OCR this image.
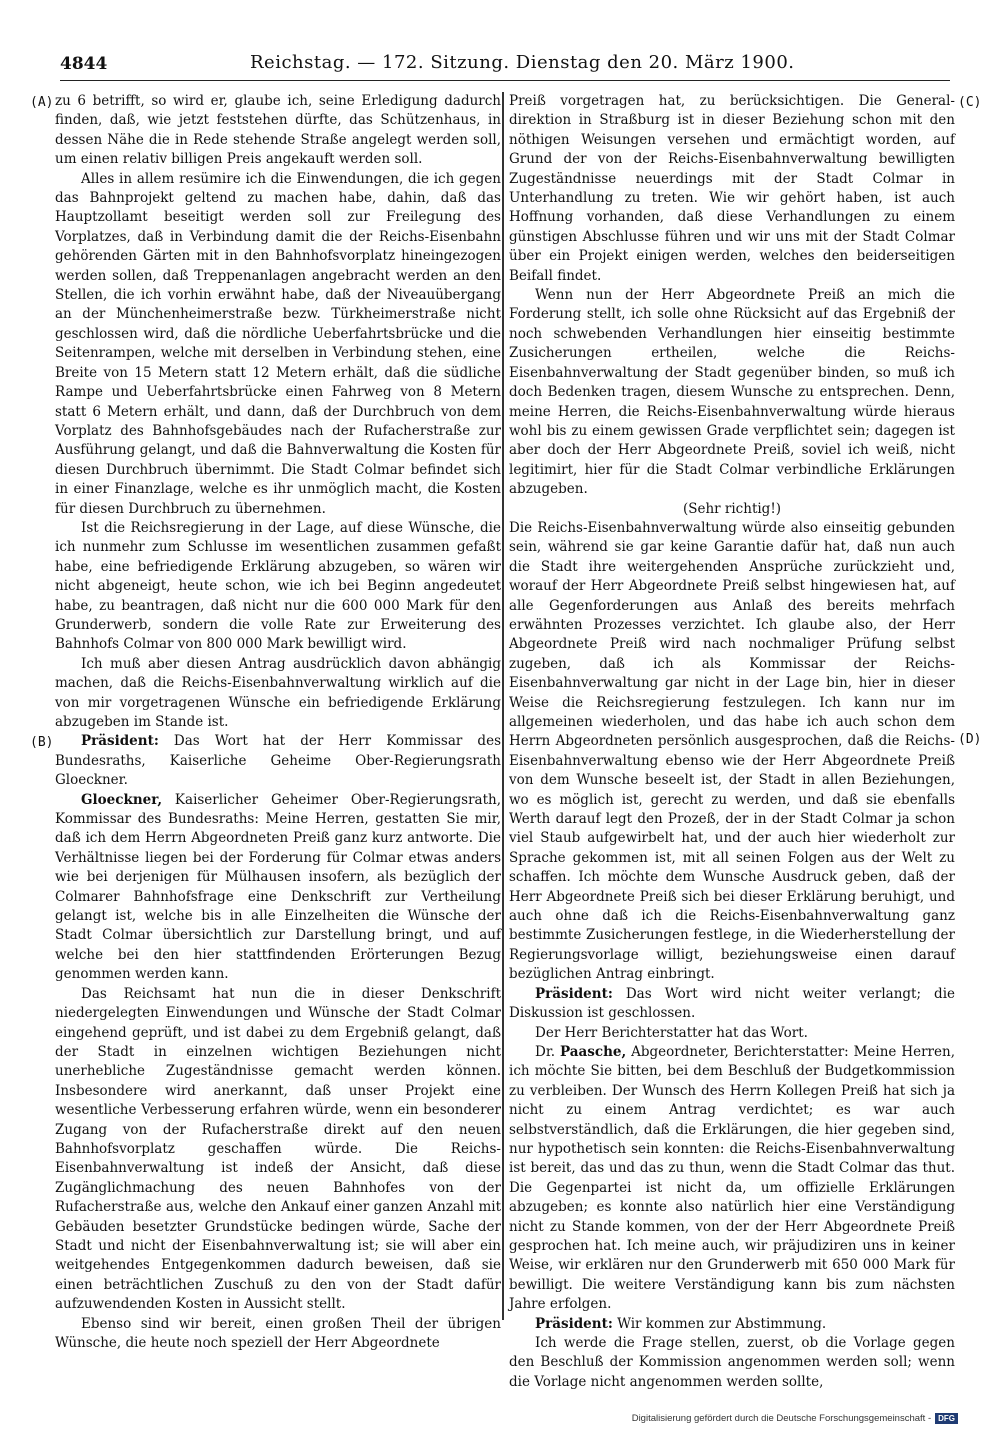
4844	Reichstag. — 172. Sitzung. Dienstag den 20. März 1900.
(A)
(B)
(C)
(D)

zu 6 betrifft, so wird er, glaube ich, seine Erledigung dadurch finden, daß, wie jetzt feststehen dürfte, das Schützenhaus, in dessen Nähe die in Rede stehende Straße angelegt werden soll, um einen relativ billigen Preis angekauft werden soll.

Alles in allem resümire ich die Einwendungen, die ich gegen das Bahnprojekt geltend zu machen habe, dahin, daß das Hauptzollamt beseitigt werden soll zur Freilegung des Vorplatzes, daß in Verbindung damit die der Reichs-Eisenbahn gehörenden Gärten mit in den Bahnhofsvorplatz hineingezogen werden sollen, daß Treppenanlagen angebracht werden an den Stellen, die ich vorhin erwähnt habe, daß der Niveauübergang an der Münchenheimerstraße bezw. Türkheimerstraße nicht geschlossen wird, daß die nördliche Ueberfahrtsbrücke und die Seitenrampen, welche mit derselben in Verbindung stehen, eine Breite von 15 Metern statt 12 Metern erhält, daß die südliche Rampe und Ueberfahrtsbrücke einen Fahrweg von 8 Metern statt 6 Metern erhält, und dann, daß der Durchbruch von dem Vorplatz des Bahnhofsgebäudes nach der Rufacherstraße zur Ausführung gelangt, und daß die Bahnverwaltung die Kosten für diesen Durchbruch übernimmt. Die Stadt Colmar befindet sich in einer Finanzlage, welche es ihr unmöglich macht, die Kosten für diesen Durchbruch zu übernehmen.

Ist die Reichsregierung in der Lage, auf diese Wünsche, die ich nunmehr zum Schlusse im wesentlichen zusammen gefaßt habe, eine befriedigende Erklärung abzugeben, so wären wir nicht abgeneigt, heute schon, wie ich bei Beginn angedeutet habe, zu beantragen, daß nicht nur die 600 000 Mark für den Grunderwerb, sondern die volle Rate zur Erweiterung des Bahnhofs Colmar von 800 000 Mark bewilligt wird.

Ich muß aber diesen Antrag ausdrücklich davon abhängig machen, daß die Reichs-Eisenbahnverwaltung wirklich auf die von mir vorgetragenen Wünsche ein befriedigende Erklärung abzugeben im Stande ist.

Präsident: Das Wort hat der Herr Kommissar des Bundesraths, Kaiserliche Geheime Ober-Regierungsrath Gloeckner.

Gloeckner, Kaiserlicher Geheimer Ober-Regierungsrath, Kommissar des Bundesraths: Meine Herren, gestatten Sie mir, daß ich dem Herrn Abgeordneten Preiß ganz kurz antworte. Die Verhältnisse liegen bei der Forderung für Colmar etwas anders wie bei derjenigen für Mülhausen insofern, als bezüglich der Colmarer Bahnhofsfrage eine Denkschrift zur Vertheilung gelangt ist, welche bis in alle Einzelheiten die Wünsche der Stadt Colmar übersichtlich zur Darstellung bringt, und auf welche bei den hier stattfindenden Erörterungen Bezug genommen werden kann.

Das Reichsamt hat nun die in dieser Denkschrift niedergelegten Einwendungen und Wünsche der Stadt Colmar eingehend geprüft, und ist dabei zu dem Ergebniß gelangt, daß der Stadt in einzelnen wichtigen Beziehungen nicht unerhebliche Zugeständnisse gemacht werden können. Insbesondere wird anerkannt, daß unser Projekt eine wesentliche Verbesserung erfahren würde, wenn ein besonderer Zugang von der Rufacherstraße direkt auf den neuen Bahnhofsvorplatz geschaffen würde. Die Reichs-Eisenbahnverwaltung ist indeß der Ansicht, daß diese Zugänglichmachung des neuen Bahnhofes von der Rufacherstraße aus, welche den Ankauf einer ganzen Anzahl mit Gebäuden besetzter Grundstücke bedingen würde, Sache der Stadt und nicht der Eisenbahnverwaltung ist; sie will aber ein weitgehendes Entgegenkommen dadurch beweisen, daß sie einen beträchtlichen Zuschuß zu den von der Stadt dafür aufzuwendenden Kosten in Aussicht stellt.

Ebenso sind wir bereit, einen großen Theil der übrigen Wünsche, die heute noch speziell der Herr Abgeordnete

Preiß vorgetragen hat, zu berücksichtigen. Die General-direktion in Straßburg ist in dieser Beziehung schon mit den nöthigen Weisungen versehen und ermächtigt worden, auf Grund der von der Reichs-Eisenbahnverwaltung bewilligten Zugeständnisse neuerdings mit der Stadt Colmar in Unterhandlung zu treten. Wie wir gehört haben, ist auch Hoffnung vorhanden, daß diese Verhandlungen zu einem günstigen Abschlusse führen und wir uns mit der Stadt Colmar über ein Projekt einigen werden, welches den beiderseitigen Beifall findet.

Wenn nun der Herr Abgeordnete Preiß an mich die Forderung stellt, ich solle ohne Rücksicht auf das Ergebniß der noch schwebenden Verhandlungen hier einseitig bestimmte Zusicherungen ertheilen, welche die Reichs-Eisenbahnverwaltung der Stadt gegenüber binden, so muß ich doch Bedenken tragen, diesem Wunsche zu entsprechen. Denn, meine Herren, die Reichs-Eisenbahnverwaltung würde hieraus wohl bis zu einem gewissen Grade verpflichtet sein; dagegen ist aber doch der Herr Abgeordnete Preiß, soviel ich weiß, nicht legitimirt, hier für die Stadt Colmar verbindliche Erklärungen abzugeben.

(Sehr richtig!)

Die Reichs-Eisenbahnverwaltung würde also einseitig gebunden sein, während sie gar keine Garantie dafür hat, daß nun auch die Stadt ihre weitergehenden Ansprüche zurückzieht und, worauf der Herr Abgeordnete Preiß selbst hingewiesen hat, auf alle Gegenforderungen aus Anlaß des bereits mehrfach erwähnten Prozesses verzichtet. Ich glaube also, der Herr Abgeordnete Preiß wird nach nochmaliger Prüfung selbst zugeben, daß ich als Kommissar der Reichs-Eisenbahnverwaltung gar nicht in der Lage bin, hier in dieser Weise die Reichsregierung festzulegen. Ich kann nur im allgemeinen wiederholen, und das habe ich auch schon dem Herrn Abgeordneten persönlich ausgesprochen, daß die Reichs-Eisenbahnverwaltung ebenso wie der Herr Abgeordnete Preiß von dem Wunsche beseelt ist, der Stadt in allen Beziehungen, wo es möglich ist, gerecht zu werden, und daß sie ebenfalls Werth darauf legt den Prozeß, der in der Stadt Colmar ja schon viel Staub aufgewirbelt hat, und der auch hier wiederholt zur Sprache gekommen ist, mit all seinen Folgen aus der Welt zu schaffen. Ich möchte dem Wunsche Ausdruck geben, daß der Herr Abgeordnete Preiß sich bei dieser Erklärung beruhigt, und auch ohne daß ich die Reichs-Eisenbahnverwaltung ganz bestimmte Zusicherungen festlege, in die Wiederherstellung der Regierungsvorlage willigt, beziehungsweise einen darauf bezüglichen Antrag einbringt.

Präsident: Das Wort wird nicht weiter verlangt; die Diskussion ist geschlossen.

Der Herr Berichterstatter hat das Wort.

Dr. Paasche, Abgeordneter, Berichterstatter: Meine Herren, ich möchte Sie bitten, bei dem Beschluß der Budgetkommission zu verbleiben. Der Wunsch des Herrn Kollegen Preiß hat sich ja nicht zu einem Antrag verdichtet; es war auch selbstverständlich, daß die Erklärungen, die hier gegeben sind, nur hypothetisch sein konnten: die Reichs-Eisenbahnverwaltung ist bereit, das und das zu thun, wenn die Stadt Colmar das thut. Die Gegenpartei ist nicht da, um offizielle Erklärungen abzugeben; es konnte also natürlich hier eine Verständigung nicht zu Stande kommen, von der der Herr Abgeordnete Preiß gesprochen hat. Ich meine auch, wir präjudiziren uns in keiner Weise, wir erklären nur den Grunderwerb mit 650 000 Mark für bewilligt. Die weitere Verständigung kann bis zum nächsten Jahre erfolgen.

Präsident: Wir kommen zur Abstimmung.

Ich werde die Frage stellen, zuerst, ob die Vorlage gegen den Beschluß der Kommission angenommen werden soll; wenn die Vorlage nicht angenommen werden sollte,

Digitalisierung gefördert durch die Deutsche Forschungsgemeinschaft - DFG
